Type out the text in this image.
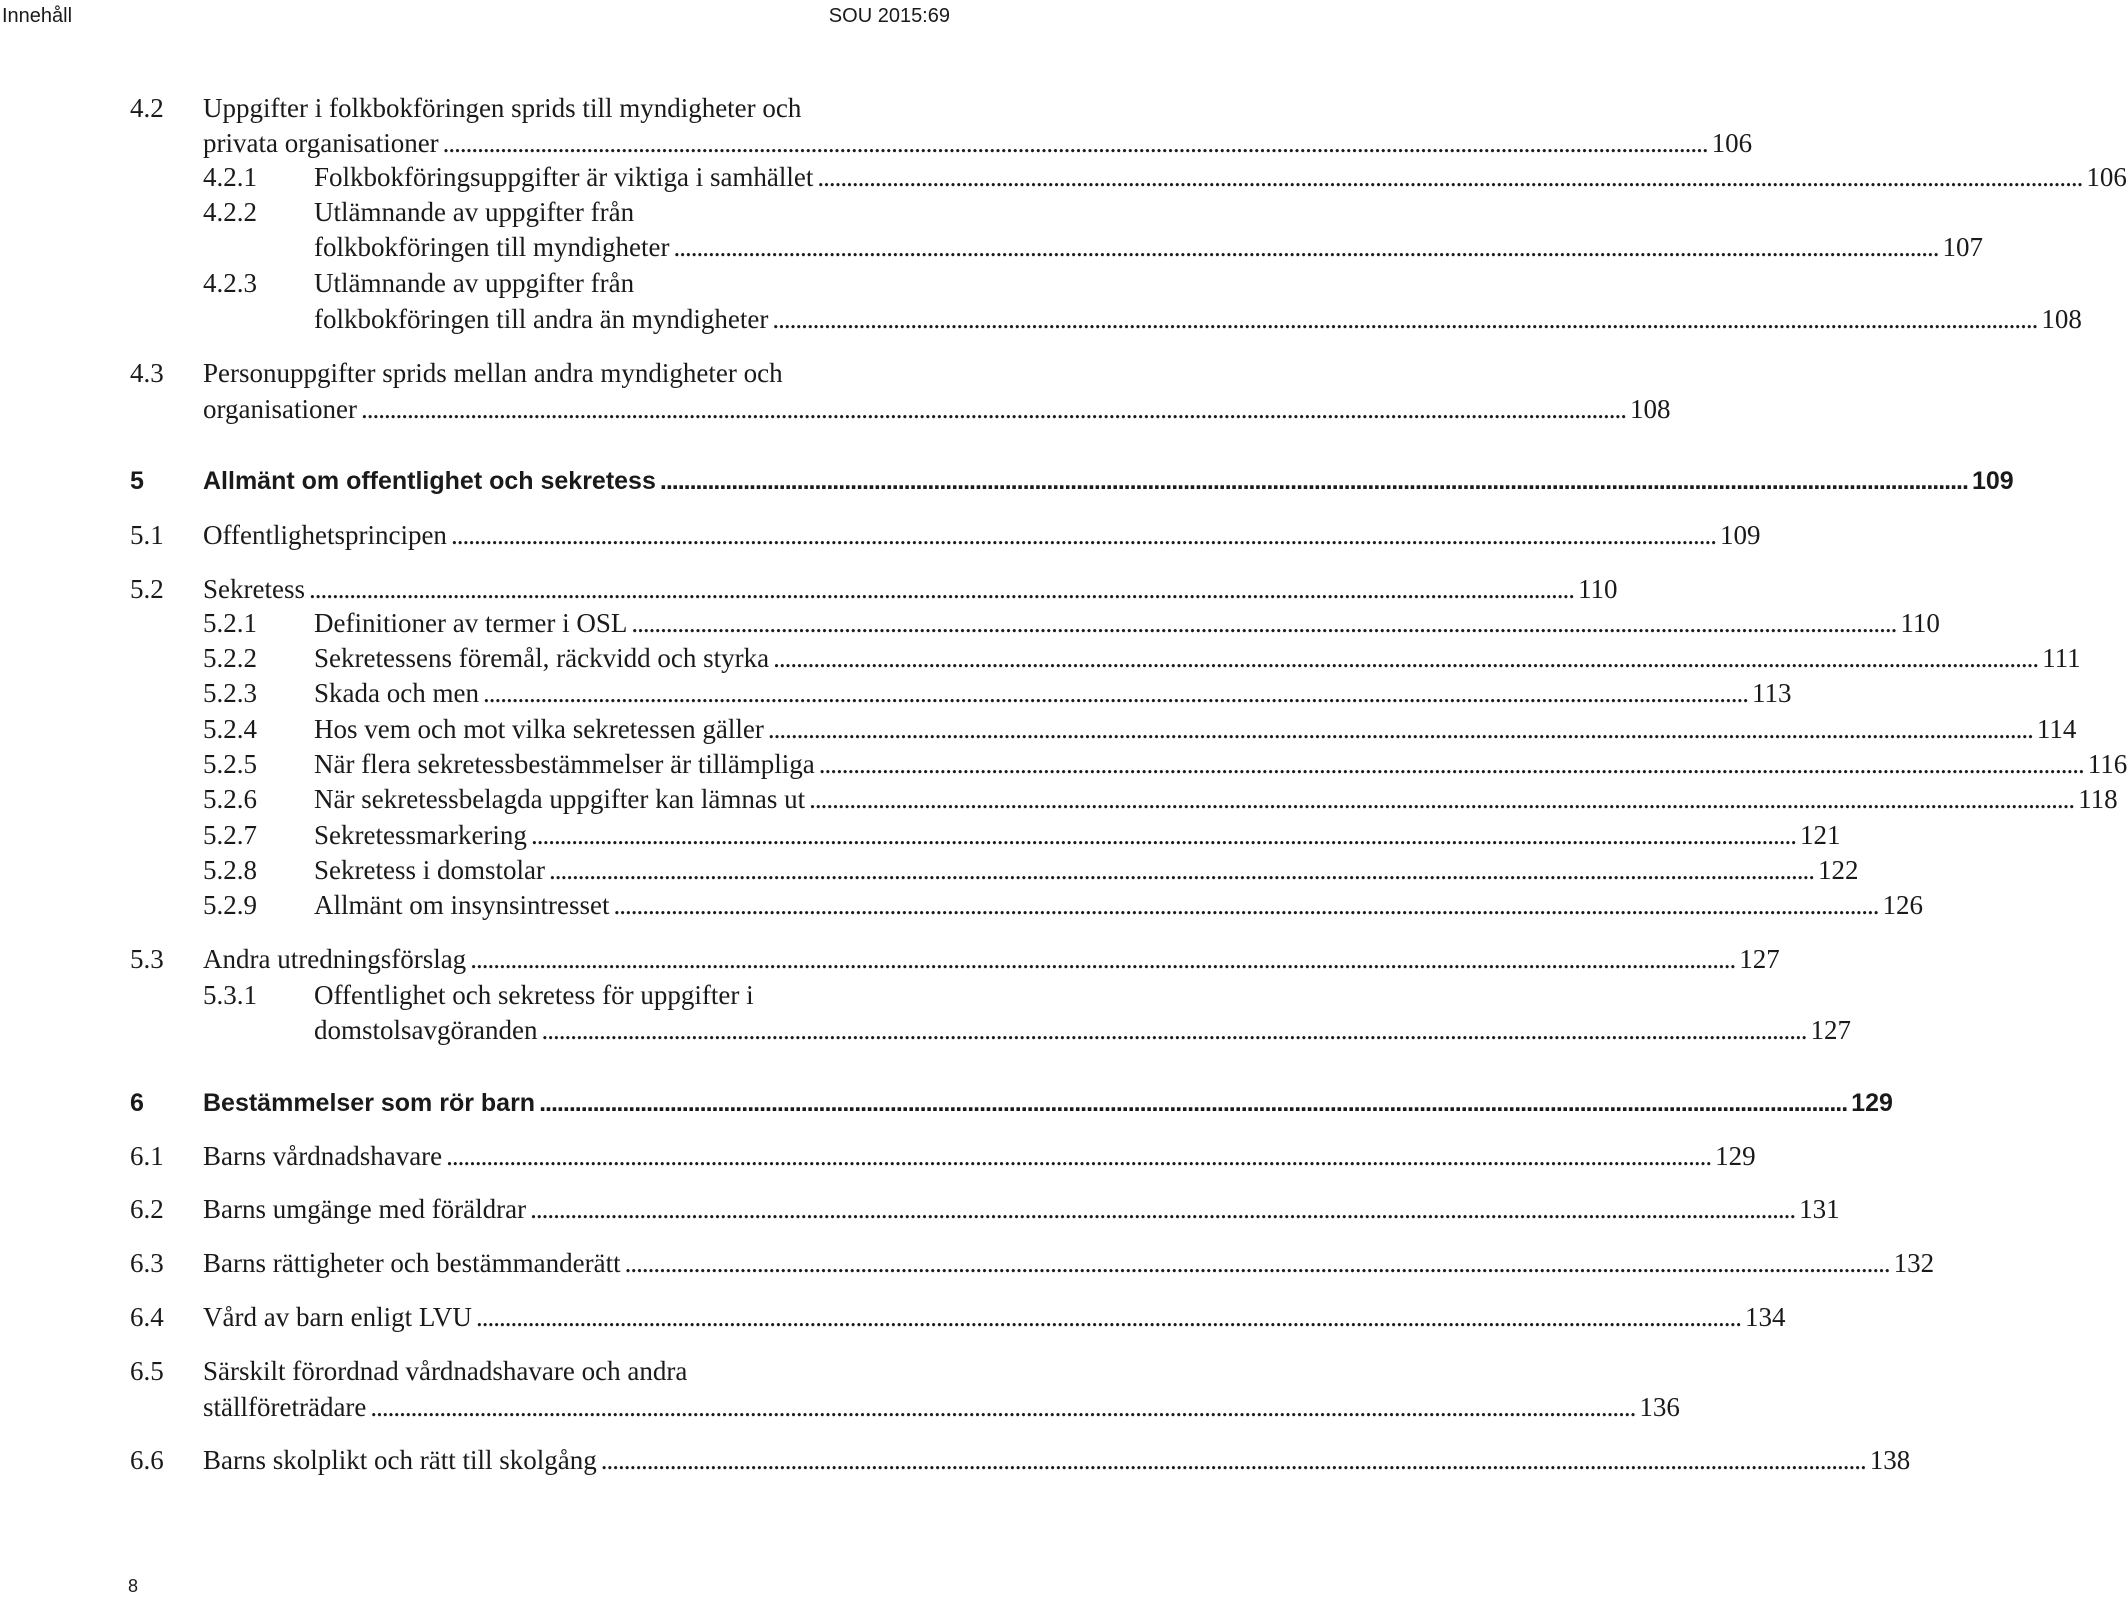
Innehåll	SOU 2015:69
4.2 Uppgifter i folkbokföringen sprids till myndigheter och
privata organisationer ............................................................................................................................................................................................................................ 106
4.2.1 Folkbokföringsuppgifter är viktiga i samhället ............................................................................................................................................................................................................................ 106
4.2.2 Utlämnande av uppgifter från
folkbokföringen till myndigheter ............................................................................................................................................................................................................................ 107
4.2.3 Utlämnande av uppgifter från
folkbokföringen till andra än myndigheter ............................................................................................................................................................................................................................ 108
4.3 Personuppgifter sprids mellan andra myndigheter och
organisationer ............................................................................................................................................................................................................................ 108
5 Allmänt om offentlighet och sekretess ............................................................................................................................................................................................................................ 109
5.1 Offentlighetsprincipen ............................................................................................................................................................................................................................ 109
5.2 Sekretess ............................................................................................................................................................................................................................ 110
5.2.1 Definitioner av termer i OSL ............................................................................................................................................................................................................................ 110
5.2.2 Sekretessens föremål, räckvidd och styrka ............................................................................................................................................................................................................................ 111
5.2.3 Skada och men ............................................................................................................................................................................................................................ 113
5.2.4 Hos vem och mot vilka sekretessen gäller ............................................................................................................................................................................................................................ 114
5.2.5 När flera sekretessbestämmelser är tillämpliga ............................................................................................................................................................................................................................ 116
5.2.6 När sekretessbelagda uppgifter kan lämnas ut ............................................................................................................................................................................................................................ 118
5.2.7 Sekretessmarkering ............................................................................................................................................................................................................................ 121
5.2.8 Sekretess i domstolar ............................................................................................................................................................................................................................ 122
5.2.9 Allmänt om insynsintresset ............................................................................................................................................................................................................................ 126
5.3 Andra utredningsförslag ............................................................................................................................................................................................................................ 127
5.3.1 Offentlighet och sekretess för uppgifter i
domstolsavgöranden ............................................................................................................................................................................................................................ 127
6 Bestämmelser som rör barn ............................................................................................................................................................................................................................ 129
6.1 Barns vårdnadshavare ............................................................................................................................................................................................................................ 129
6.2 Barns umgänge med föräldrar ............................................................................................................................................................................................................................ 131
6.3 Barns rättigheter och bestämmanderätt ............................................................................................................................................................................................................................ 132
6.4 Vård av barn enligt LVU ............................................................................................................................................................................................................................ 134
6.5 Särskilt förordnad vårdnadshavare och andra
ställföreträdare ............................................................................................................................................................................................................................ 136
6.6 Barns skolplikt och rätt till skolgång ............................................................................................................................................................................................................................ 138
8
